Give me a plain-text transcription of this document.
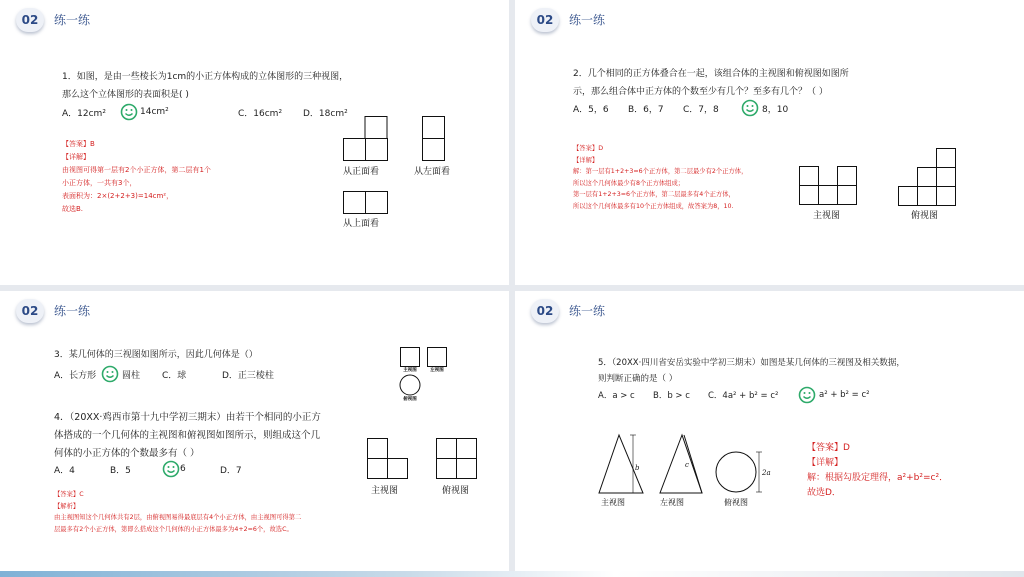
02	练一练
1．如图，是由一些棱长为1cm的小正方体构成的立体图形的三种视图，
那么这个立体图形的表面积是( )
A．12cm²	14cm²	C．16cm²	D．18cm²
【答案】B
【详解】
由视图可得第一层有2个小正方体，第二层有1个
小正方体，一共有3个，
表面积为：2×(2+2+3)=14cm²，
故选B.
从正面看	从左面看
从上面看
02	练一练
2．几个相同的正方体叠合在一起，该组合体的主视图和俯视图如图所
示，那么组合体中正方体的个数至少有几个？至多有几个？（ ）
A．5，6	B．6，7	C．7，8	8，10
【答案】D
【详解】
解：第一层有1+2+3=6个正方体，第二层最少有2个正方体，
所以这个几何体最少有8个正方体组成；
第一层有1+2+3=6个正方体，第二层最多有4个正方体，
所以这个几何体最多有10个正方体组成，故答案为8，10.
主视图	俯视图
02	练一练
3．某几何体的三视图如图所示，因此几何体是（）
A．长方形	圆柱	C．球	D．正三棱柱	主视图	左视图
俯视图
4．（20XX·鸡西市第十九中学初三期末）由若干个相同的小正方
体搭成的一个几何体的主视图和俯视图如图所示，则组成这个几
何体的小正方体的个数最多有（ ）
A．4	B．5	6	D．7
【答案】C
【解析】
由主视图知这个几何体共有2层，由俯视图易得最底层有4个小正方体，由主视图可得第二
层最多有2个小正方体，第即么搭成这个几何体的小正方体最多为4+2=6个，故选C。
主视图	俯视图
02	练一练
5．（20XX·四川省安岳实验中学初三期末）如图是某几何体的三视图及相关数据，
则判断正确的是（ ）
A．a > c	B．b > c	C．4a² + b² = c²	a² + b² = c²
b	c
2a
主视图	左视图	俯视图
【答案】D
【详解】
解：根据勾股定理得，a²+b²=c²．
故选D．
